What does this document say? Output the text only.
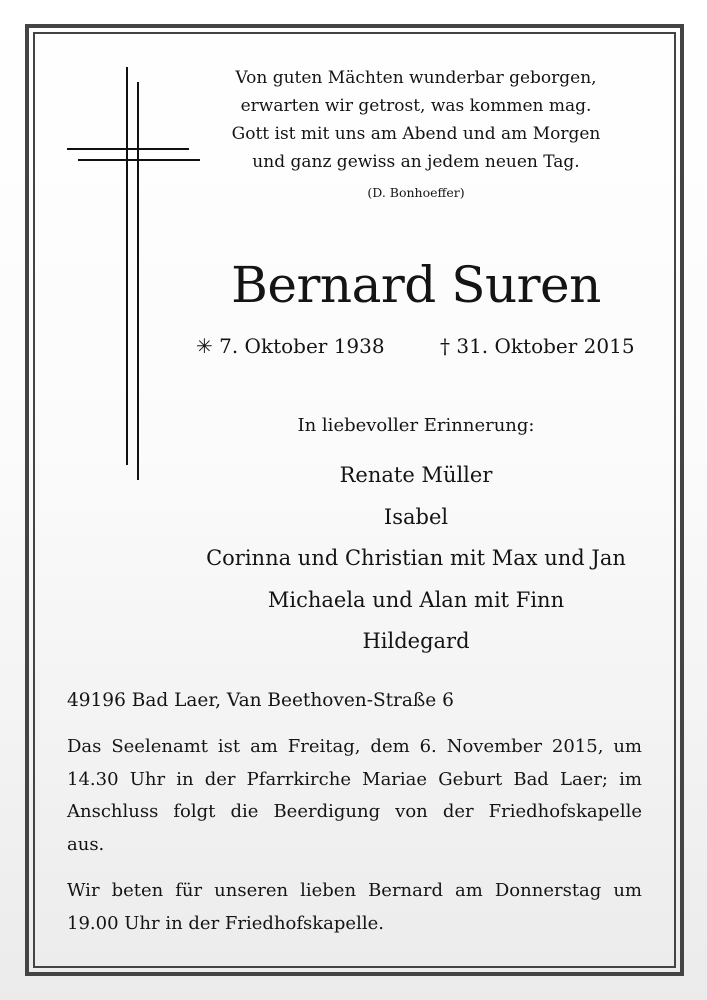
Von guten Mächten wunderbar geborgen,
erwarten wir getrost, was kommen mag.
Gott ist mit uns am Abend und am Morgen
und ganz gewiss an jedem neuen Tag.
(D. Bonhoeffer)
Bernard Suren
✳ 7. Oktober 1938	† 31. Oktober 2015
In liebevoller Erinnerung:
Renate Müller
Isabel
Corinna und Christian mit Max und Jan
Michaela und Alan mit Finn
Hildegard
49196 Bad Laer, Van Beethoven-Straße 6
Das Seelenamt ist am Freitag, dem 6. November 2015, um
14.30 Uhr in der Pfarrkirche Mariae Geburt Bad Laer; im
Anschluss folgt die Beerdigung von der Friedhofskapelle
aus.
Wir beten für unseren lieben Bernard am Donnerstag um
19.00 Uhr in der Friedhofskapelle.
